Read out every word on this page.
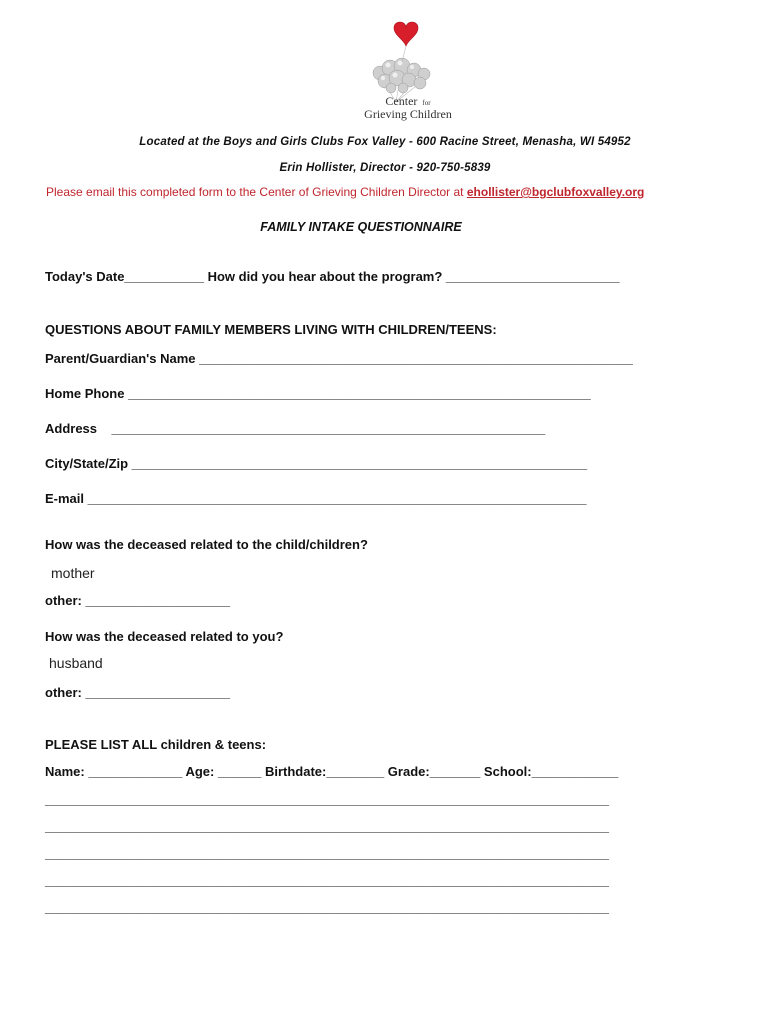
Center for
Grieving Children
Located at the Boys and Girls Clubs Fox Valley - 600 Racine Street, Menasha, WI 54952
Erin Hollister, Director - 920-750-5839
Please email this completed form to the Center of Grieving Children Director at ehollister@bgclubfoxvalley.org
FAMILY INTAKE QUESTIONNAIRE
Today's Date___________ How did you hear about the program? ________________________
QUESTIONS ABOUT FAMILY MEMBERS LIVING WITH CHILDREN/TEENS:
Parent/Guardian's Name ____________________________________________________________
Home Phone ________________________________________________________________
Address    ____________________________________________________________
City/State/Zip _______________________________________________________________
E-mail _____________________________________________________________________
How was the deceased related to the child/children?
mother
other: ____________________
How was the deceased related to you?
husband
other: ____________________
PLEASE LIST ALL children & teens:
Name: _____________ Age: ______ Birthdate:________ Grade:_______ School:____________
______________________________________________________________________________
______________________________________________________________________________
______________________________________________________________________________
______________________________________________________________________________
______________________________________________________________________________
